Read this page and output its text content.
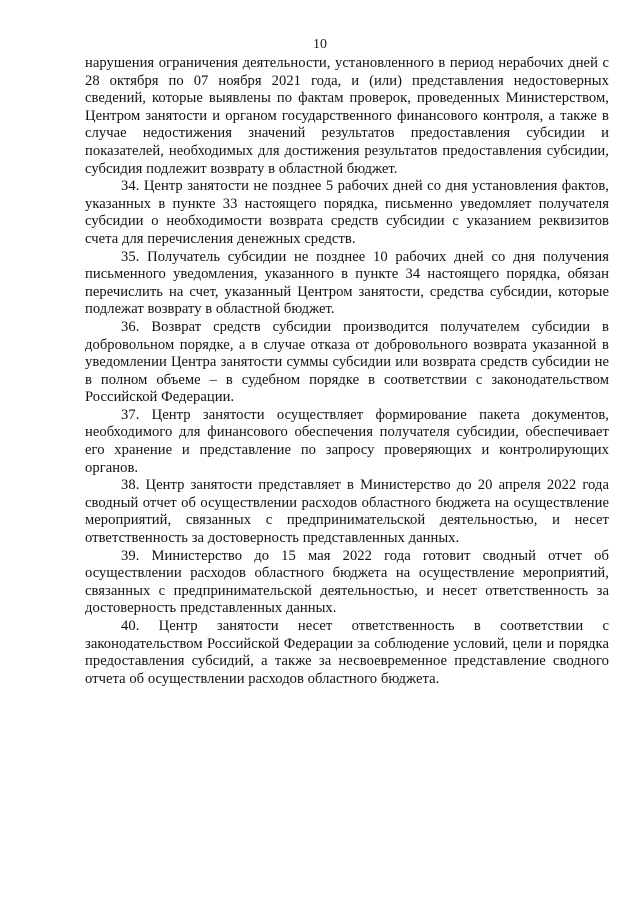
10

нарушения ограничения деятельности, установленного в период нерабочих дней с 28 октября по 07 ноября 2021 года, и (или) представления недостоверных сведений, которые выявлены по фактам проверок, проведенных Министерством, Центром занятости и органом государственного финансового контроля, а также в случае недостижения значений результатов предоставления субсидии и показателей, необходимых для достижения результатов предоставления субсидии, субсидия подлежит возврату в областной бюджет.

34. Центр занятости не позднее 5 рабочих дней со дня установления фактов, указанных в пункте 33 настоящего порядка, письменно уведомляет получателя субсидии о необходимости возврата средств субсидии с указанием реквизитов счета для перечисления денежных средств.

35. Получатель субсидии не позднее 10 рабочих дней со дня получения письменного уведомления, указанного в пункте 34 настоящего порядка, обязан перечислить на счет, указанный Центром занятости, средства субсидии, которые подлежат возврату в областной бюджет.

36. Возврат средств субсидии производится получателем субсидии в добровольном порядке, а в случае отказа от добровольного возврата указанной в уведомлении Центра занятости суммы субсидии или возврата средств субсидии не в полном объеме – в судебном порядке в соответствии с законодательством Российской Федерации.

37. Центр занятости осуществляет формирование пакета документов, необходимого для финансового обеспечения получателя субсидии, обеспечивает его хранение и представление по запросу проверяющих и контролирующих органов.

38. Центр занятости представляет в Министерство до 20 апреля 2022 года сводный отчет об осуществлении расходов областного бюджета на осуществление мероприятий, связанных с предпринимательской деятельностью, и несет ответственность за достоверность представленных данных.

39. Министерство до 15 мая 2022 года готовит сводный отчет об осуществлении расходов областного бюджета на осуществление мероприятий, связанных с предпринимательской деятельностью, и несет ответственность за достоверность представленных данных.

40. Центр занятости несет ответственность в соответствии с законодательством Российской Федерации за соблюдение условий, цели и порядка предоставления субсидий, а также за несвоевременное представление сводного отчета об осуществлении расходов областного бюджета.
